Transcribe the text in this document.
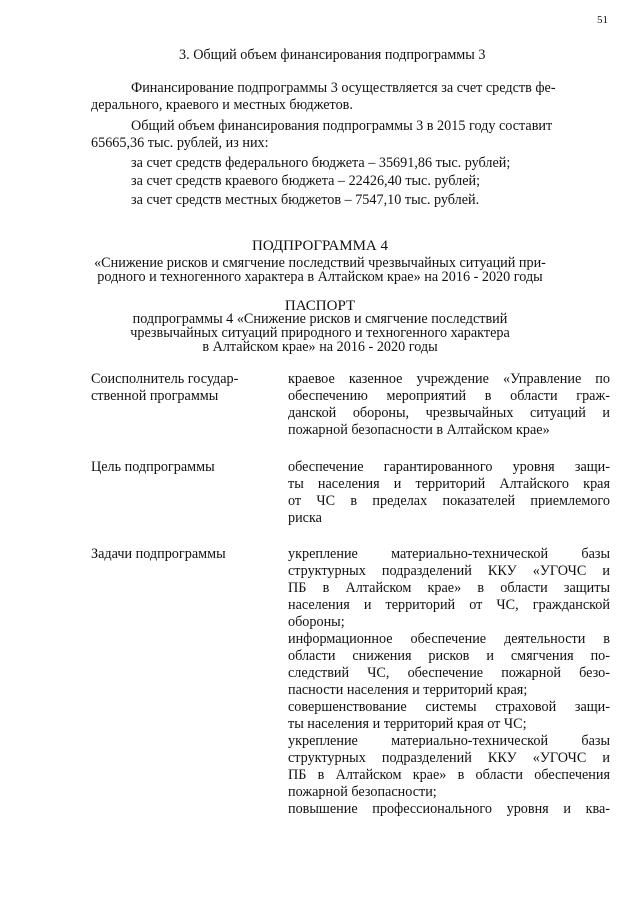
51
3. Общий объем финансирования подпрограммы 3
Финансирование подпрограммы 3 осуществляется за счет средств фе-
дерального, краевого и местных бюджетов.
Общий объем финансирования подпрограммы 3 в 2015 году составит
65665,36 тыс. рублей, из них:
за счет средств федерального бюджета – 35691,86 тыс. рублей;
за счет средств краевого бюджета – 22426,40 тыс. рублей;
за счет средств местных бюджетов – 7547,10 тыс. рублей.
ПОДПРОГРАММА 4
«Снижение рисков и смягчение последствий чрезвычайных ситуаций при-
родного и техногенного характера в Алтайском крае» на 2016 - 2020 годы
ПАСПОРТ
подпрограммы 4 «Снижение рисков и смягчение последствий
чрезвычайных ситуаций природного и техногенного характера
в Алтайском крае» на 2016 - 2020 годы
Соисполнитель государ-
ственной программы
краевое казенное учреждение «Управление по
обеспечению мероприятий в области граж-
данской обороны, чрезвычайных ситуаций и
пожарной безопасности в Алтайском крае»
Цель подпрограммы	обеспечение гарантированного уровня защи-
ты населения и территорий Алтайского края
от ЧС в пределах показателей приемлемого
риска
Задачи подпрограммы	укрепление материально-технической базы
структурных подразделений ККУ «УГОЧС и
ПБ в Алтайском крае» в области защиты
населения и территорий от ЧС, гражданской
обороны;
информационное обеспечение деятельности в
области снижения рисков и смягчения по-
следствий ЧС, обеспечение пожарной безо-
пасности населения и территорий края;
совершенствование системы страховой защи-
ты населения и территорий края от ЧС;
укрепление материально-технической базы
структурных подразделений ККУ «УГОЧС и
ПБ в Алтайском крае» в области обеспечения
пожарной безопасности;
повышение профессионального уровня и ква-
